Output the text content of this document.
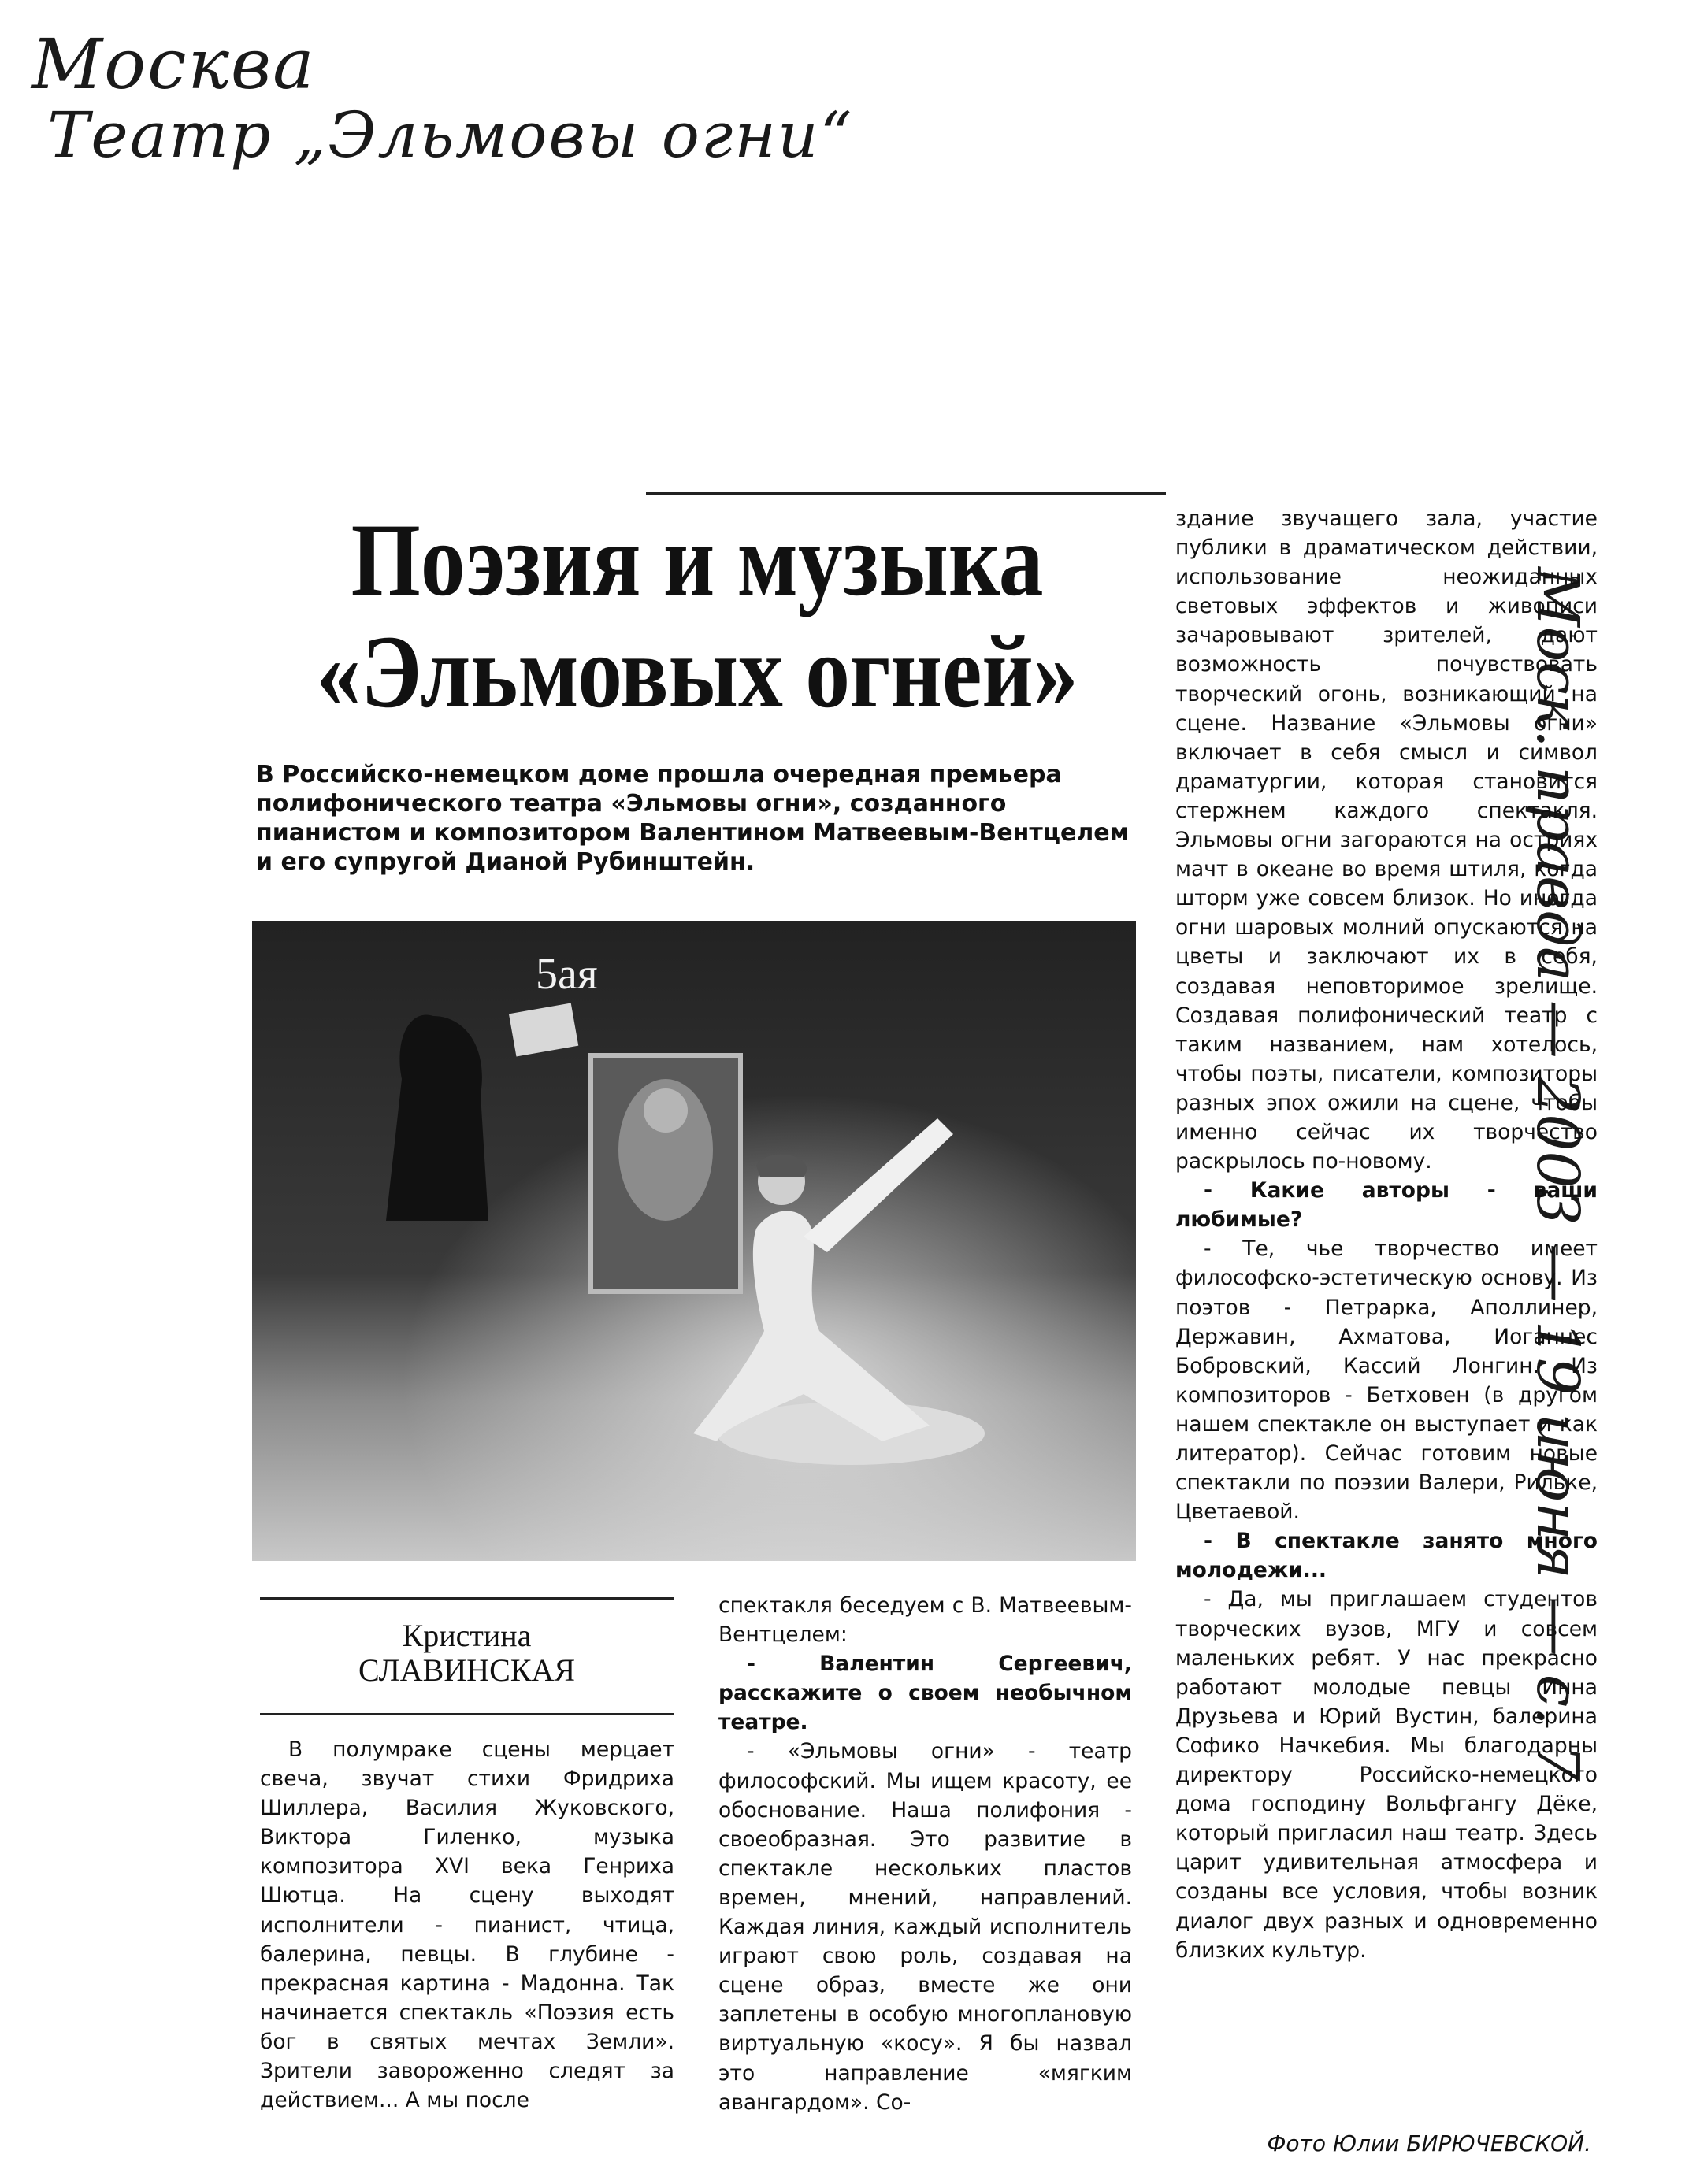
Москва
Театр „Эльмовы огни“
Моск. правда — 2003 — 19 июня — с. 7
Поэзия и музыка
«Эльмовых огней»
В Российско-немецком доме прошла очередная премьера полифонического театра «Эльмовы огни», созданного пианистом и композитором Валентином Матвеевым-Вентцелем и его супругой Дианой Рубинштейн.
5ая
Кристина
СЛАВИНСКАЯ

В полумраке сцены мерцает свеча, звучат стихи Фридриха Шиллера, Василия Жуковского, Виктора Гиленко, музыка композитора XVI века Генриха Шютца. На сцену выходят исполнители - пианист, чтица, балерина, певцы. В глубине - прекрасная картина - Мадонна. Так начинается спектакль «Поэзия есть бог в святых мечтах Земли». Зрители завороженно следят за действием... А мы после

спектакля беседуем с В. Матвеевым-Вентцелем:

- Валентин Сергеевич, расскажите о своем необычном театре.

- «Эльмовы огни» - театр философский. Мы ищем красоту, ее обоснование. Наша полифония - своеобразная. Это развитие в спектакле нескольких пластов времен, мнений, направлений. Каждая линия, каждый исполнитель играют свою роль, создавая на сцене образ, вместе же они заплетены в особую многоплановую виртуальную «косу». Я бы назвал это направление «мягким авангардом». Со-

здание звучащего зала, участие публики в драматическом действии, использование неожиданных световых эффектов и живописи зачаровывают зрителей, дают возможность почувствовать творческий огонь, возникающий на сцене. Название «Эльмовы огни» включает в себя смысл и символ драматургии, которая становится стержнем каждого спектакля. Эльмовы огни загораются на остриях мачт в океане во время штиля, когда шторм уже совсем близок. Но иногда огни шаровых молний опускаются на цветы и заключают их в себя, создавая неповторимое зрелище. Создавая полифонический театр с таким названием, нам хотелось, чтобы поэты, писатели, композиторы разных эпох ожили на сцене, чтобы именно сейчас их творчество раскрылось по-новому.

- Какие авторы - ваши любимые?

- Те, чье творчество имеет философско-эстетическую основу. Из поэтов - Петрарка, Аполлинер, Державин, Ахматова, Иоганнес Бобровский, Кассий Лонгин. Из композиторов - Бетховен (в другом нашем спектакле он выступает и как литератор). Сейчас готовим новые спектакли по поэзии Валери, Рильке, Цветаевой.

- В спектакле занято много молодежи...

- Да, мы приглашаем студентов творческих вузов, МГУ и совсем маленьких ребят. У нас прекрасно работают молодые певцы Инна Друзьева и Юрий Вустин, балерина Софико Начкебия. Мы благодарны директору Российско-немецкого дома господину Вольфгангу Дёке, который пригласил наш театр. Здесь царит удивительная атмосфера и созданы все условия, чтобы возник диалог двух разных и одновременно близких культур.

Фото Юлии БИРЮЧЕВСКОЙ.
